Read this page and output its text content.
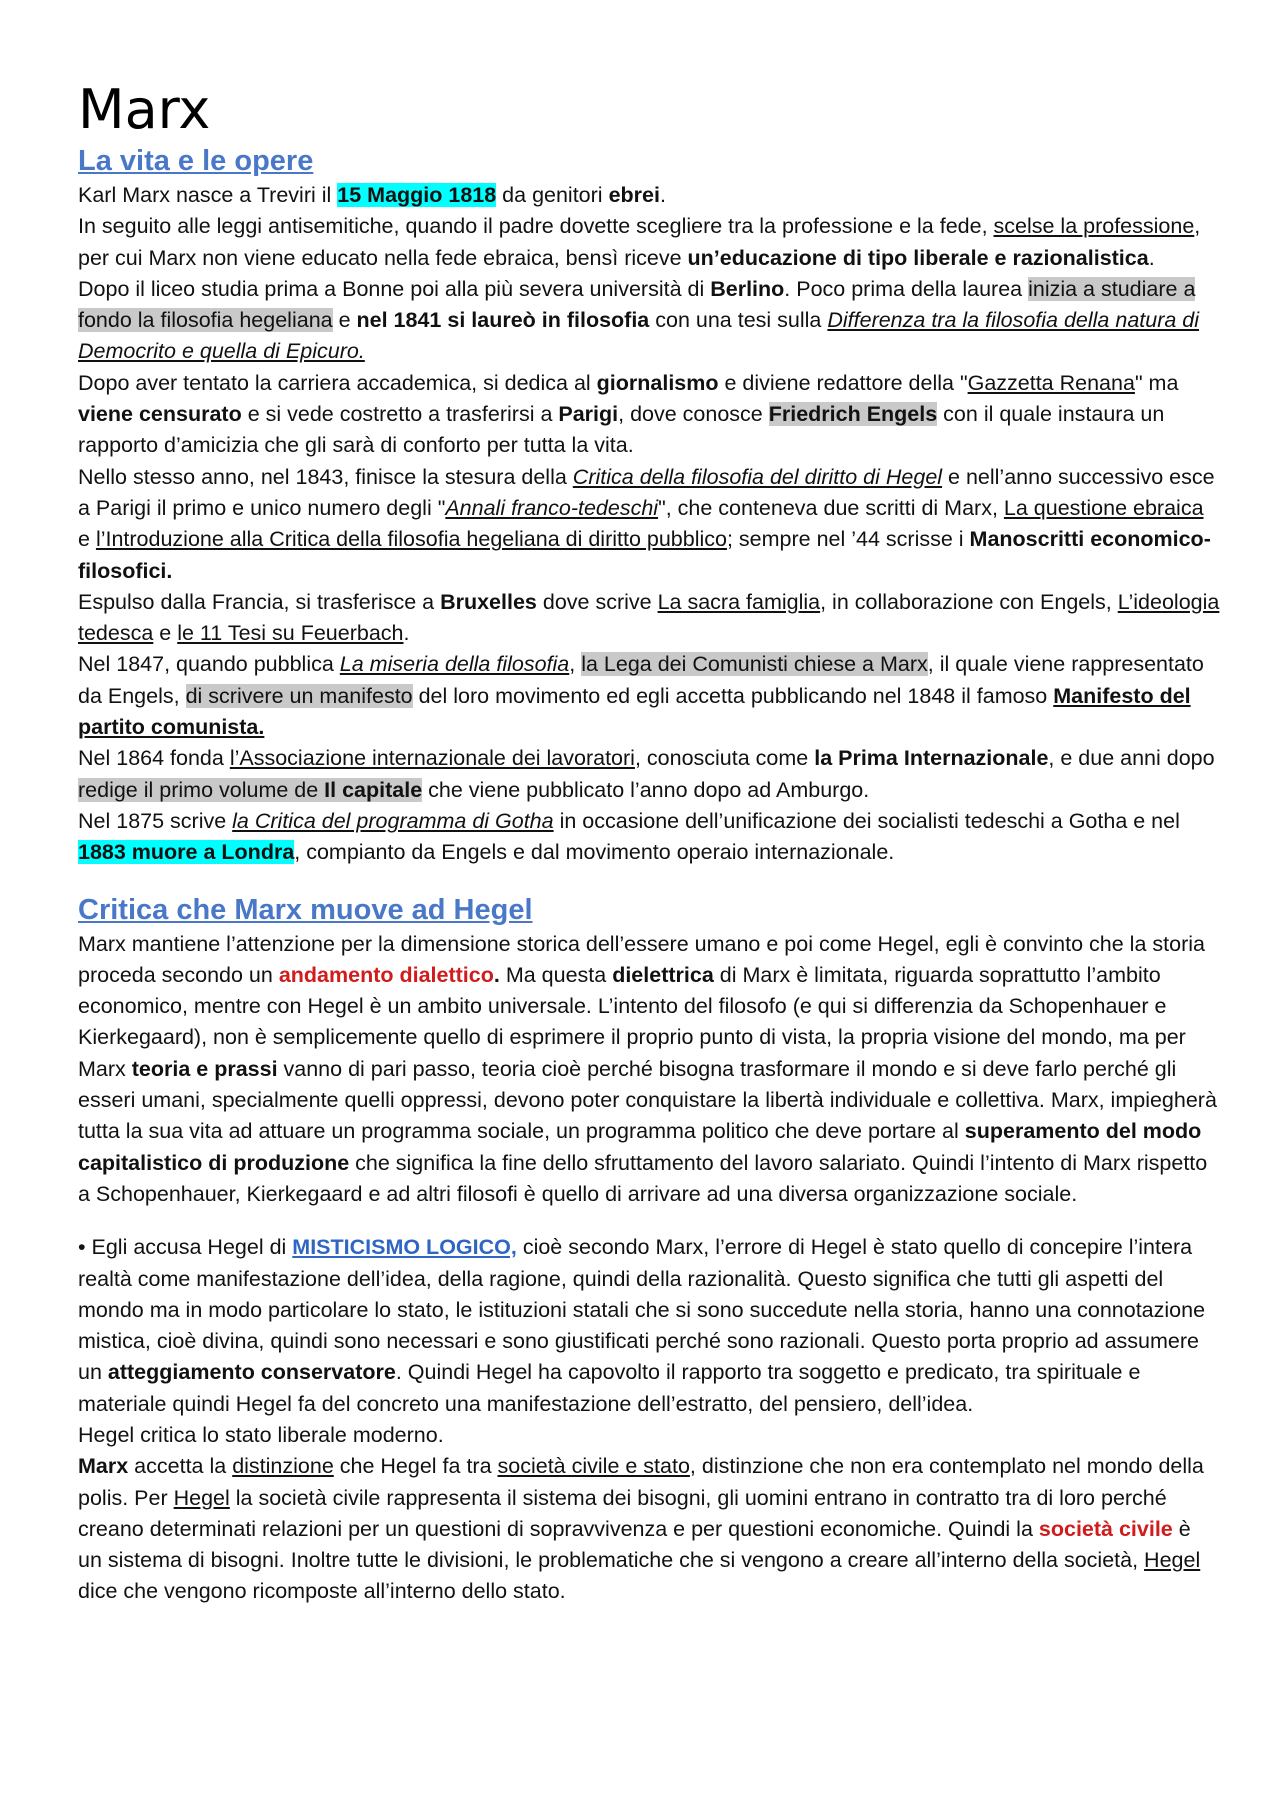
Marx
La vita e le opere

Karl Marx nasce a Treviri il 15 Maggio 1818 da genitori ebrei.

In seguito alle leggi antisemitiche, quando il padre dovette scegliere tra la professione e la fede, scelse la professione, per cui Marx non viene educato nella fede ebraica, bensì riceve un’educazione di tipo liberale e razionalistica.

Dopo il liceo studia prima a Bonne poi alla più severa università di Berlino. Poco prima della laurea inizia a studiare a fondo la filosofia hegeliana e nel 1841 si laureò in filosofia con una tesi sulla Differenza tra la filosofia della natura di Democrito e quella di Epicuro.

Dopo aver tentato la carriera accademica, si dedica al giornalismo e diviene redattore della "Gazzetta Renana" ma viene censurato e si vede costretto a trasferirsi a Parigi, dove conosce Friedrich Engels con il quale instaura un rapporto d’amicizia che gli sarà di conforto per tutta la vita.

Nello stesso anno, nel 1843, finisce la stesura della Critica della filosofia del diritto di Hegel e nell’anno successivo esce a Parigi il primo e unico numero degli "Annali franco-tedeschi", che conteneva due scritti di Marx, La questione ebraica e l’Introduzione alla Critica della filosofia hegeliana di diritto pubblico; sempre nel ’44 scrisse i Manoscritti economico-filosofici.

Espulso dalla Francia, si trasferisce a Bruxelles dove scrive La sacra famiglia, in collaborazione con Engels, L’ideologia tedesca e le 11 Tesi su Feuerbach.

Nel 1847, quando pubblica La miseria della filosofia, la Lega dei Comunisti chiese a Marx, il quale viene rappresentato da Engels, di scrivere un manifesto del loro movimento ed egli accetta pubblicando nel 1848 il famoso Manifesto del partito comunista.

Nel 1864 fonda l’Associazione internazionale dei lavoratori, conosciuta come la Prima Internazionale, e due anni dopo redige il primo volume de Il capitale che viene pubblicato l’anno dopo ad Amburgo.

Nel 1875 scrive la Critica del programma di Gotha in occasione dell’unificazione dei socialisti tedeschi a Gotha e nel 1883 muore a Londra, compianto da Engels e dal movimento operaio internazionale.

Critica che Marx muove ad Hegel

Marx mantiene l’attenzione per la dimensione storica dell’essere umano e poi come Hegel, egli è convinto che la storia proceda secondo un andamento dialettico. Ma questa dielettrica di Marx è limitata, riguarda soprattutto l’ambito economico, mentre con Hegel è un ambito universale. L’intento del filosofo (e qui si differenzia da Schopenhauer e Kierkegaard), non è semplicemente quello di esprimere il proprio punto di vista, la propria visione del mondo, ma per Marx teoria e prassi vanno di pari passo, teoria cioè perché bisogna trasformare il mondo e si deve farlo perché gli esseri umani, specialmente quelli oppressi, devono poter conquistare la libertà individuale e collettiva. Marx, impiegherà tutta la sua vita ad attuare un programma sociale, un programma politico che deve portare al superamento del modo capitalistico di produzione che significa la fine dello sfruttamento del lavoro salariato. Quindi l’intento di Marx rispetto a Schopenhauer, Kierkegaard e ad altri filosofi è quello di arrivare ad una diversa organizzazione sociale.

• Egli accusa Hegel di MISTICISMO LOGICO, cioè secondo Marx, l’errore di Hegel è stato quello di concepire l’intera realtà come manifestazione dell’idea, della ragione, quindi della razionalità. Questo significa che tutti gli aspetti del mondo ma in modo particolare lo stato, le istituzioni statali che si sono succedute nella storia, hanno una connotazione mistica, cioè divina, quindi sono necessari e sono giustificati perché sono razionali. Questo porta proprio ad assumere un atteggiamento conservatore. Quindi Hegel ha capovolto il rapporto tra soggetto e predicato, tra spirituale e materiale quindi Hegel fa del concreto una manifestazione dell’estratto, del pensiero, dell’idea.

Hegel critica lo stato liberale moderno.

Marx accetta la distinzione che Hegel fa tra società civile e stato, distinzione che non era contemplato nel mondo della polis. Per Hegel la società civile rappresenta il sistema dei bisogni, gli uomini entrano in contratto tra di loro perché creano determinati relazioni per un questioni di sopravvivenza e per questioni economiche. Quindi la società civile è un sistema di bisogni. Inoltre tutte le divisioni, le problematiche che si vengono a creare all’interno della società, Hegel dice che vengono ricomposte all’interno dello stato.
